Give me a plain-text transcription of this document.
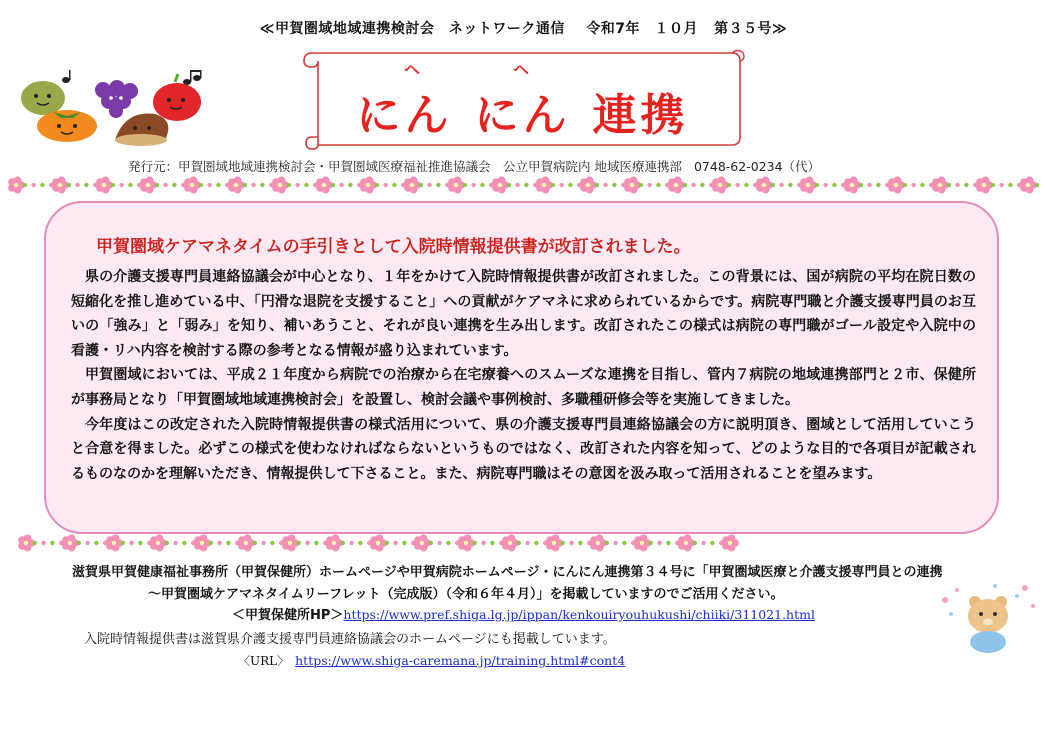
≪甲賀圏域地域連携検討会　ネットワーク通信 令和7年　１０月 第３５号≫
ヘ	ヘ
にん にん 連携
発行元：甲賀圏域地域連携検討会・甲賀圏域医療福祉推進協議会　公立甲賀病院内 地域医療連携部 0748-62-0234（代）
甲賀圏域ケアマネタイムの手引きとして入院時情報提供書が改訂されました。

県の介護支援専門員連絡協議会が中心となり、１年をかけて入院時情報提供書が改訂されました。この背景には、国が病院の平均在院日数の短縮化を推し進めている中、「円滑な退院を支援すること」への貢献がケアマネに求められているからです。病院専門職と介護支援専門員のお互いの「強み」と「弱み」を知り、補いあうこと、それが良い連携を生み出します。改訂されたこの様式は病院の専門職がゴール設定や入院中の看護・リハ内容を検討する際の参考となる情報が盛り込まれています。

甲賀圏域においては、平成２１年度から病院での治療から在宅療養へのスムーズな連携を目指し、管内７病院の地域連携部門と２市、保健所が事務局となり「甲賀圏域地域連携検討会」を設置し、検討会議や事例検討、多職種研修会等を実施してきました。

今年度はこの改定された入院時情報提供書の様式活用について、県の介護支援専門員連絡協議会の方に説明頂き、圏域として活用していこうと合意を得ました。必ずこの様式を使わなければならないというものではなく、改訂された内容を知って、どのような目的で各項目が記載されるものなのかを理解いただき、情報提供して下さること。また、病院専門職はその意図を汲み取って活用されることを望みます。

滋賀県甲賀健康福祉事務所（甲賀保健所）ホームページや甲賀病院ホームページ・にんにん連携第３４号に「甲賀圏域医療と介護支援専門員との連携
～甲賀圏域ケアマネタイムリーフレット（完成版）（令和６年４月）」を掲載していますのでご活用ください。
＜甲賀保健所HP＞https://www.pref.shiga.lg.jp/ippan/kenkouiryouhukushi/chiiki/311021.html
入院時情報提供書は滋賀県介護支援専門員連絡協議会のホームページにも掲載しています。
〈URL〉 https://www.shiga-caremana.jp/training.html#cont4
